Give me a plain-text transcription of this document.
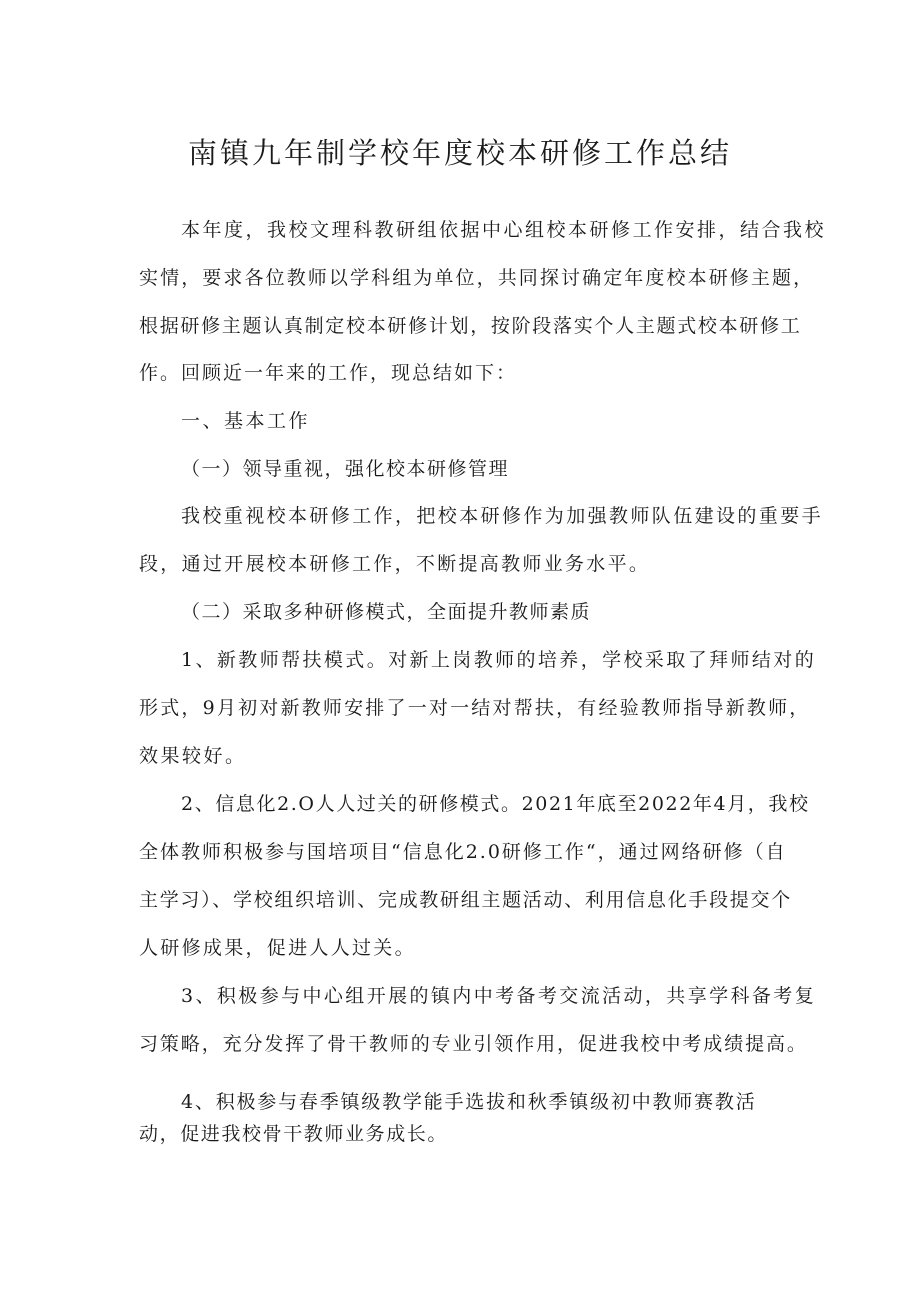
南镇九年制学校年度校本研修工作总结
本年度，我校文理科教研组依据中心组校本研修工作安排，结合我校
实情，要求各位教师以学科组为单位，共同探讨确定年度校本研修主题，
根据研修主题认真制定校本研修计划，按阶段落实个人主题式校本研修工
作。回顾近一年来的工作，现总结如下：
一、基本工作
（一）领导重视，强化校本研修管理
我校重视校本研修工作，把校本研修作为加强教师队伍建设的重要手
段，通过开展校本研修工作，不断提高教师业务水平。
（二）采取多种研修模式，全面提升教师素质
1、新教师帮扶模式。对新上岗教师的培养，学校采取了拜师结对的
形式，9月初对新教师安排了一对一结对帮扶，有经验教师指导新教师，
效果较好。
2、信息化2.O人人过关的研修模式。2021年底至2022年4月，我校
全体教师积极参与国培项目“信息化2.0研修工作“，通过网络研修（自
主学习）、学校组织培训、完成教研组主题活动、利用信息化手段提交个
人研修成果，促进人人过关。
3、积极参与中心组开展的镇内中考备考交流活动，共享学科备考复
习策略，充分发挥了骨干教师的专业引领作用，促进我校中考成绩提高。
4、积极参与春季镇级教学能手选拔和秋季镇级初中教师赛教活
动，促进我校骨干教师业务成长。
